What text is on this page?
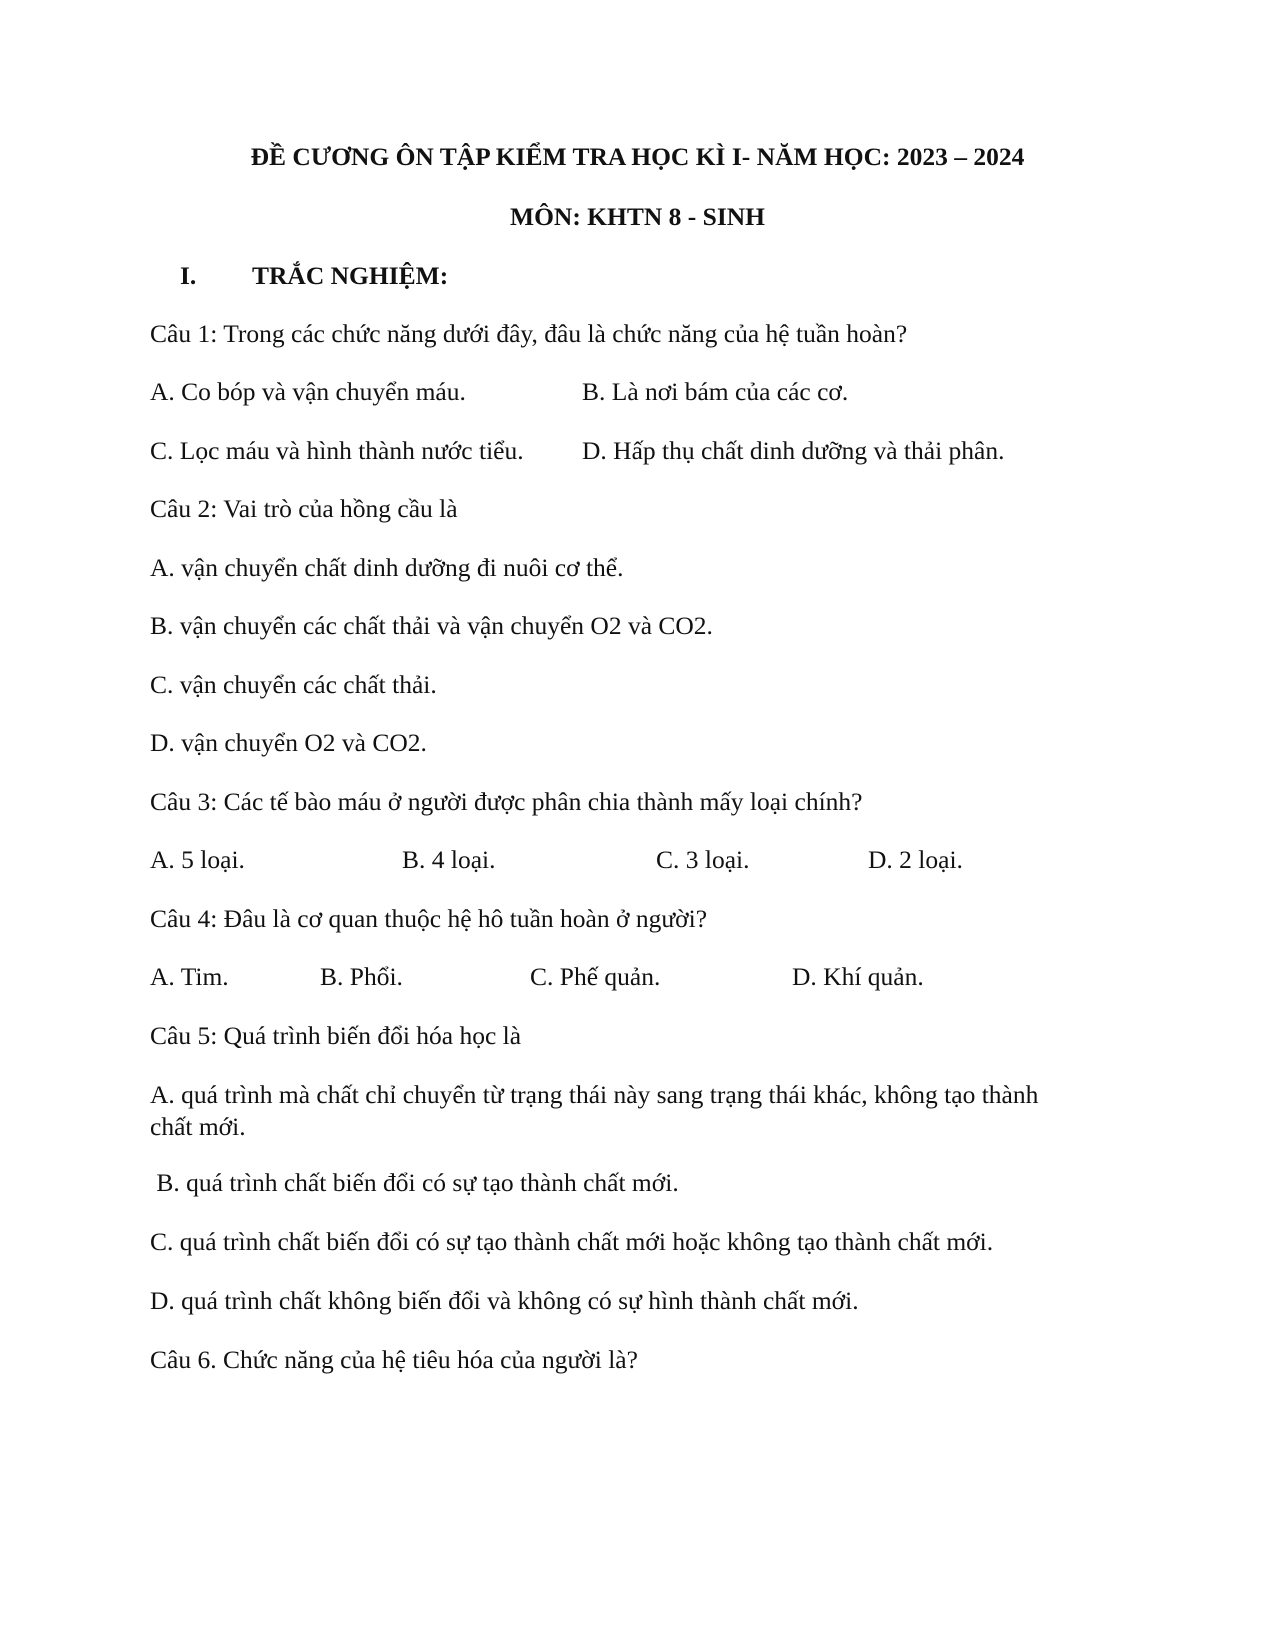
ĐỀ CƯƠNG ÔN TẬP KIỂM TRA HỌC KÌ I- NĂM HỌC: 2023 – 2024
MÔN: KHTN 8 - SINH
I. TRẮC NGHIỆM:
Câu 1: Trong các chức năng dưới đây, đâu là chức năng của hệ tuần hoàn?
A. Co bóp và vận chuyển máu.	B. Là nơi bám của các cơ.
C. Lọc máu và hình thành nước tiểu. D. Hấp thụ chất dinh dưỡng và thải phân.
Câu 2: Vai trò của hồng cầu là
A. vận chuyển chất dinh dưỡng đi nuôi cơ thể.
B. vận chuyển các chất thải và vận chuyển O2 và CO2.
C. vận chuyển các chất thải.
D. vận chuyển O2 và CO2.
Câu 3: Các tế bào máu ở người được phân chia thành mấy loại chính?
A. 5 loại.	B. 4 loại.	C. 3 loại.	D. 2 loại.
Câu 4: Đâu là cơ quan thuộc hệ hô tuần hoàn ở người?
A. Tim.	B. Phổi.	C. Phế quản.	D. Khí quản.
Câu 5: Quá trình biến đổi hóa học là
A. quá trình mà chất chỉ chuyển từ trạng thái này sang trạng thái khác, không tạo thành chất mới.
B. quá trình chất biến đổi có sự tạo thành chất mới.
C. quá trình chất biến đổi có sự tạo thành chất mới hoặc không tạo thành chất mới.
D. quá trình chất không biến đổi và không có sự hình thành chất mới.
Câu 6. Chức năng của hệ tiêu hóa của người là?
